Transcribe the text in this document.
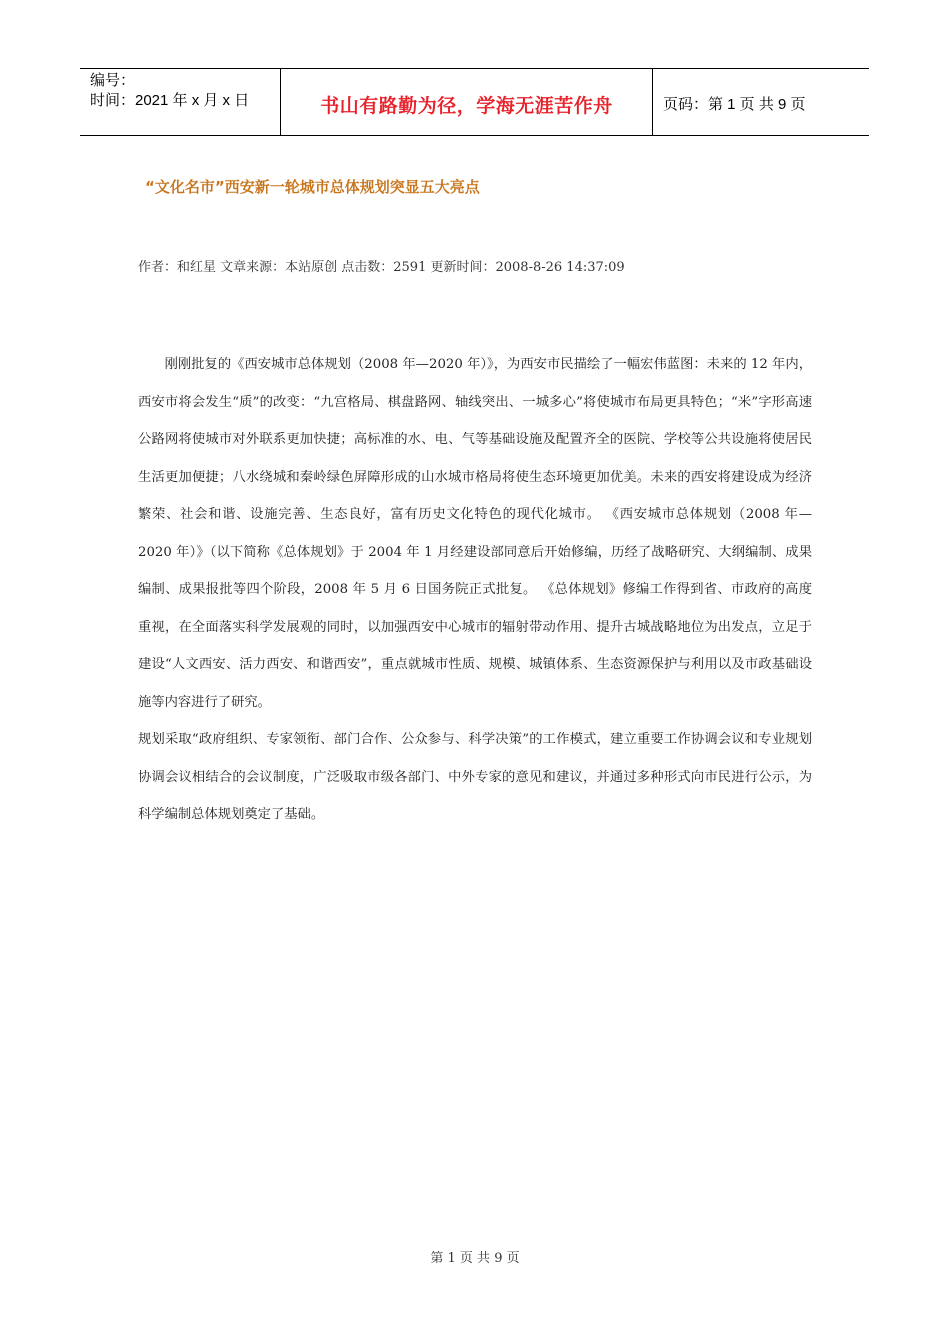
编号：
时间：2021 年 x 月 x 日	书山有路勤为径，学海无涯苦作舟	页码：第 1 页 共 9 页
“文化名市”西安新一轮城市总体规划突显五大亮点
作者：和红星 文章来源：本站原创 点击数：2591 更新时间：2008-8-26 14:37:09

刚刚批复的《西安城市总体规划（2008 年—2020 年）》，为西安市民描绘了一幅宏伟蓝图：未来的 12 年内，西安市将会发生“质”的改变：“九宫格局、棋盘路网、轴线突出、一城多心”将使城市布局更具特色；“米”字形高速公路网将使城市对外联系更加快捷；高标准的水、电、气等基础设施及配置齐全的医院、学校等公共设施将使居民生活更加便捷；八水绕城和秦岭绿色屏障形成的山水城市格局将使生态环境更加优美。未来的西安将建设成为经济繁荣、社会和谐、设施完善、生态良好，富有历史文化特色的现代化城市。 《西安城市总体规划（2008 年—2020 年）》（以下简称《总体规划》于 2004 年 1 月经建设部同意后开始修编，历经了战略研究、大纲编制、成果编制、成果报批等四个阶段，2008 年 5 月 6 日国务院正式批复。 《总体规划》修编工作得到省、市政府的高度重视，在全面落实科学发展观的同时，以加强西安中心城市的辐射带动作用、提升古城战略地位为出发点，立足于建设“人文西安、活力西安、和谐西安”，重点就城市性质、规模、城镇体系、生态资源保护与利用以及市政基础设施等内容进行了研究。

规划采取“政府组织、专家领衔、部门合作、公众参与、科学决策”的工作模式，建立重要工作协调会议和专业规划协调会议相结合的会议制度，广泛吸取市级各部门、中外专家的意见和建议，并通过多种形式向市民进行公示，为科学编制总体规划奠定了基础。

第 1 页 共 9 页
